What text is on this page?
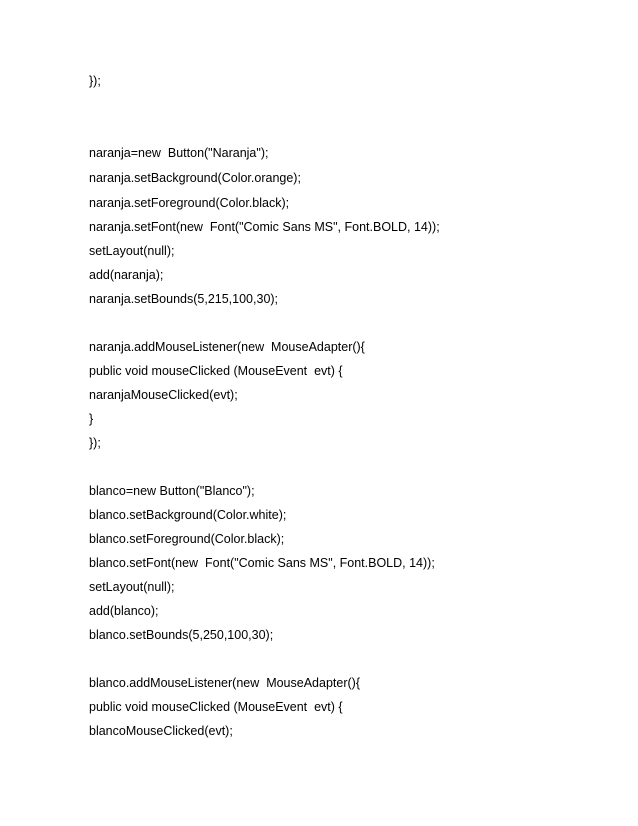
});
naranja=new  Button("Naranja");
naranja.setBackground(Color.orange);
naranja.setForeground(Color.black);
naranja.setFont(new  Font("Comic Sans MS", Font.BOLD, 14));
setLayout(null);
add(naranja);
naranja.setBounds(5,215,100,30);
naranja.addMouseListener(new  MouseAdapter(){
public void mouseClicked (MouseEvent  evt) {
naranjaMouseClicked(evt);
}
});
blanco=new Button("Blanco");
blanco.setBackground(Color.white);
blanco.setForeground(Color.black);
blanco.setFont(new  Font("Comic Sans MS", Font.BOLD, 14));
setLayout(null);
add(blanco);
blanco.setBounds(5,250,100,30);
blanco.addMouseListener(new  MouseAdapter(){
public void mouseClicked (MouseEvent  evt) {
blancoMouseClicked(evt);
